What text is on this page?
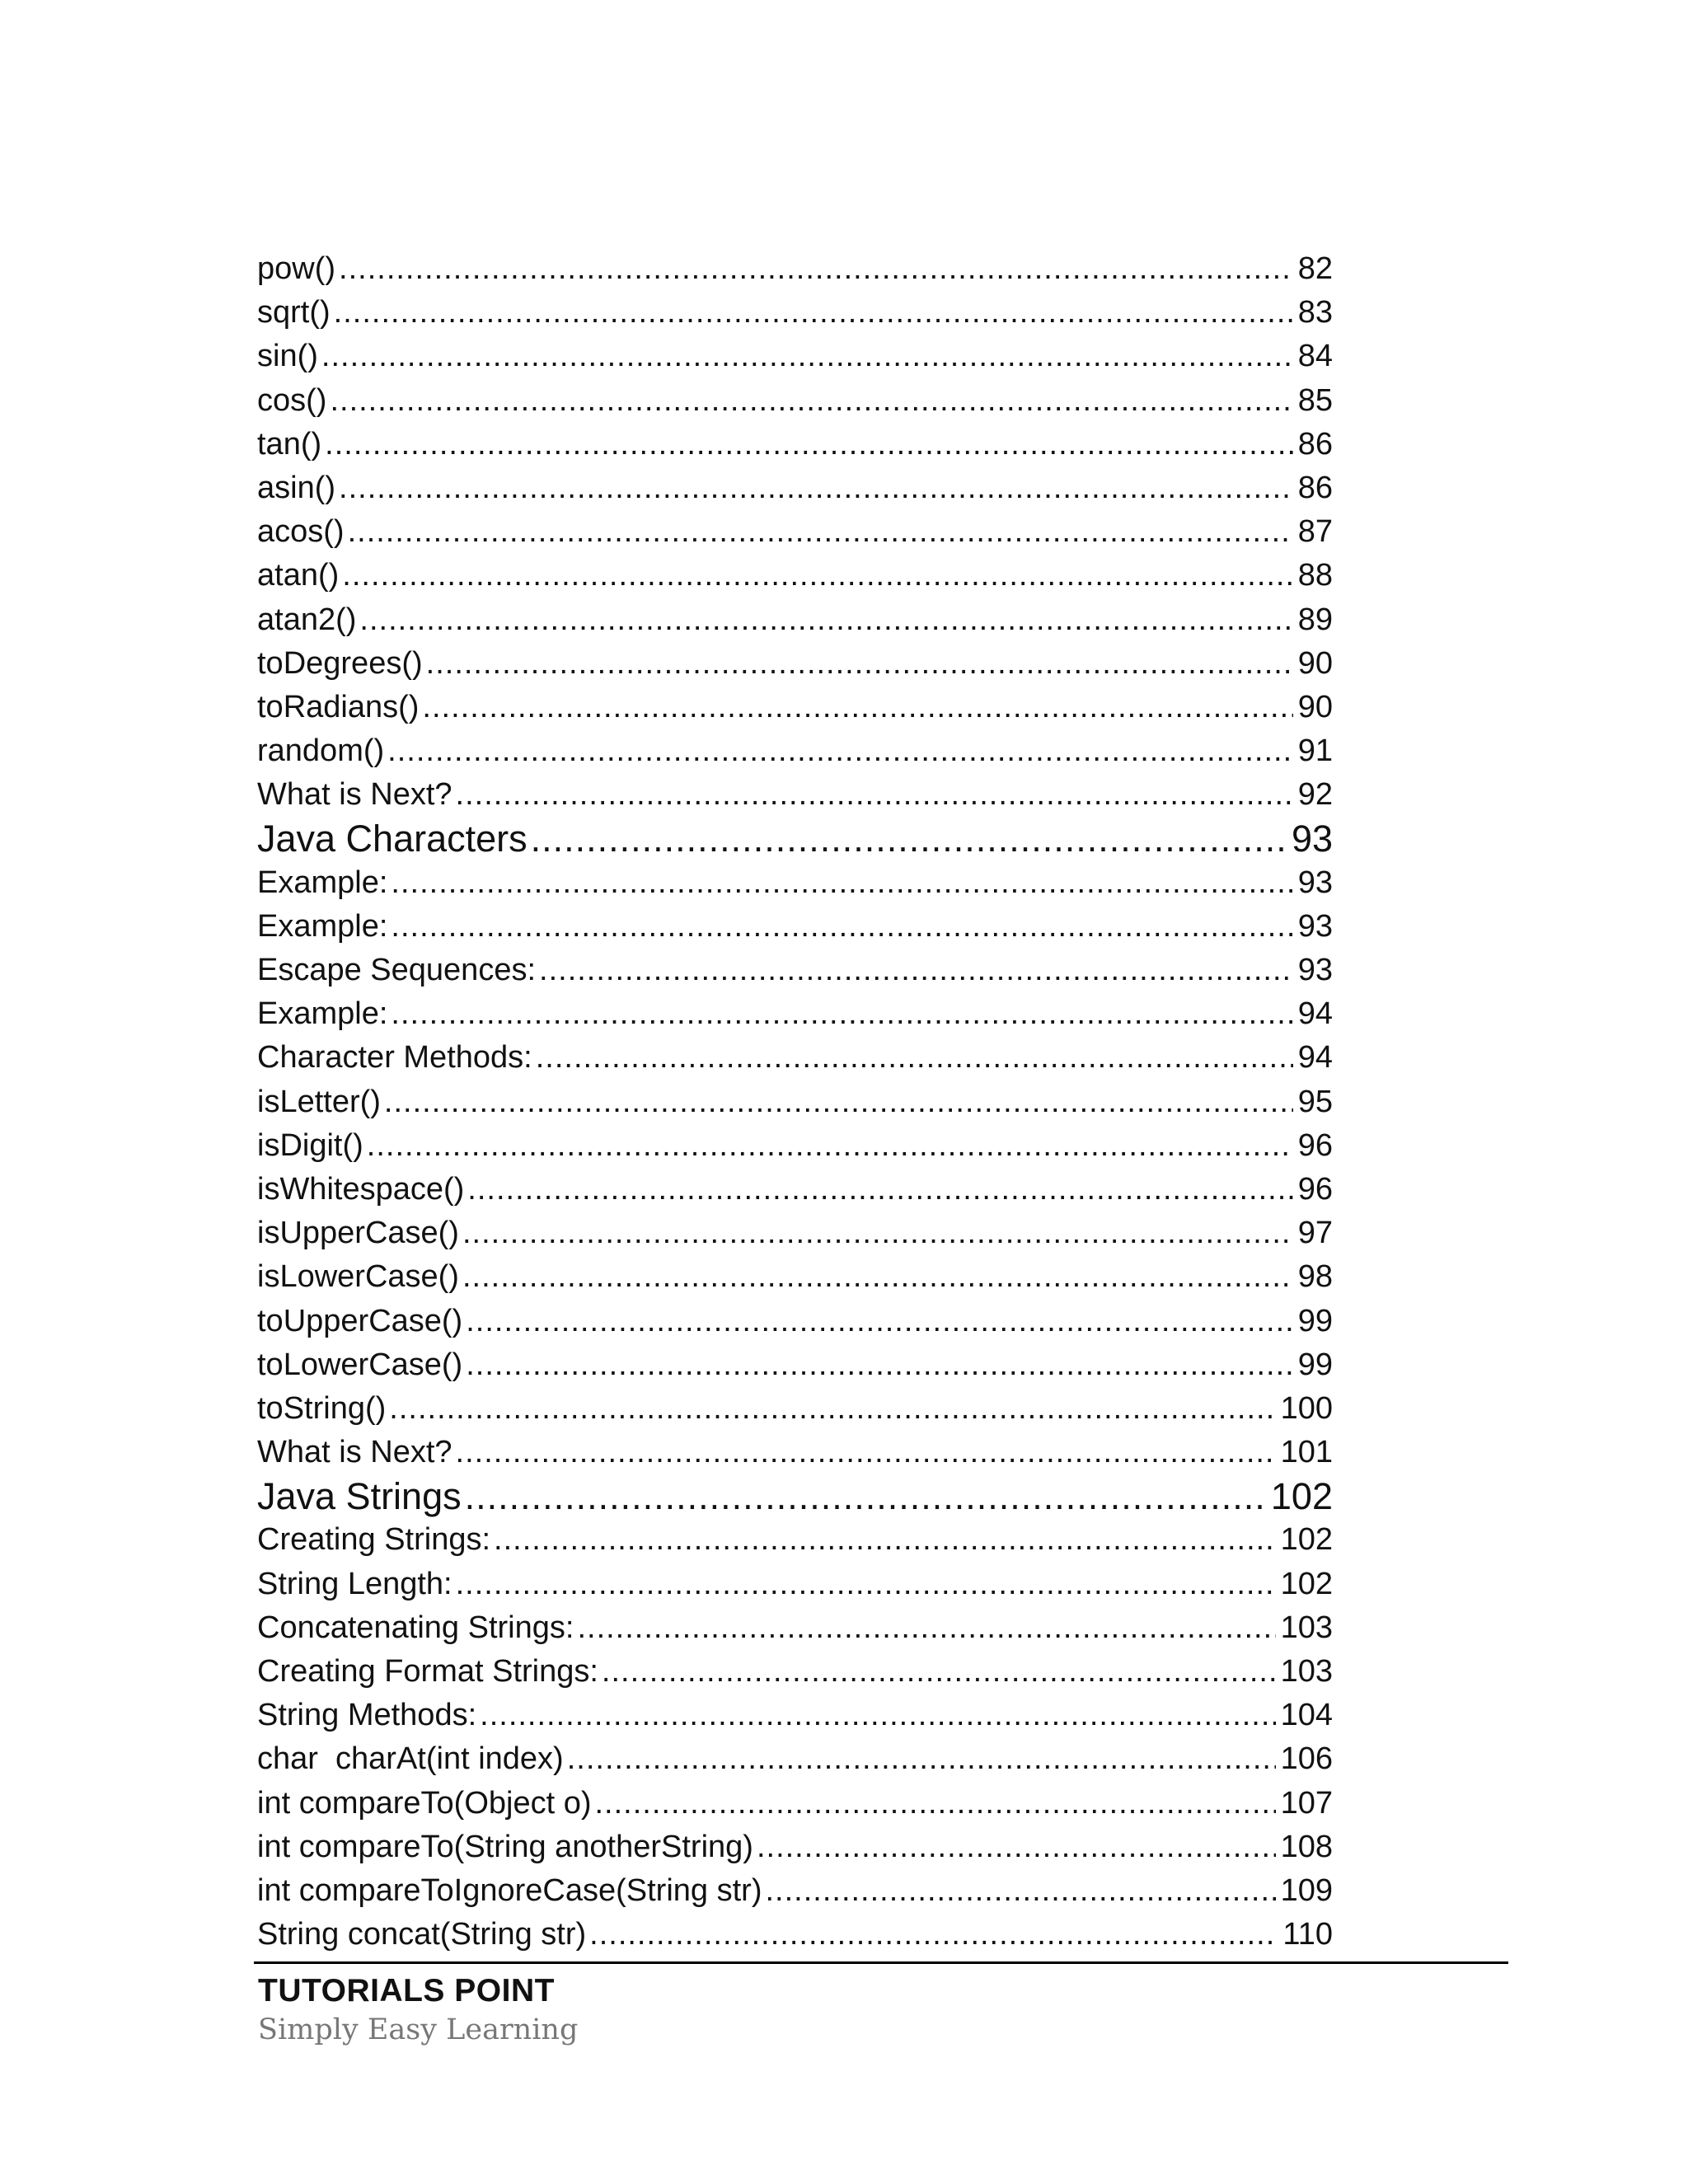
pow() .....	82
sqrt() .....	83
sin() .....	84
cos() .....	85
tan() .....	86
asin() .....	86
acos() .....	87
atan() .....	88
atan2() .....	89
toDegrees() .....	90
toRadians() .....	90
random() .....	91
What is Next? .....	92
Java Characters .....	93
Example: .....	93
Example: .....	93
Escape Sequences: .....	93
Example: .....	94
Character Methods: .....	94
isLetter() .....	95
isDigit() .....	96
isWhitespace() .....	96
isUpperCase() .....	97
isLowerCase() .....	98
toUpperCase() .....	99
toLowerCase() .....	99
toString() .....	100
What is Next? .....	101
Java Strings .....	102
Creating Strings: .....	102
String Length: .....	102
Concatenating Strings: .....	103
Creating Format Strings: .....	103
String Methods: .....	104
char  charAt(int index) .....	106
int compareTo(Object o) .....	107
int compareTo(String anotherString) .....	108
int compareToIgnoreCase(String str) .....	109
String concat(String str) .....	110
TUTORIALS POINT
Simply Easy Learning
